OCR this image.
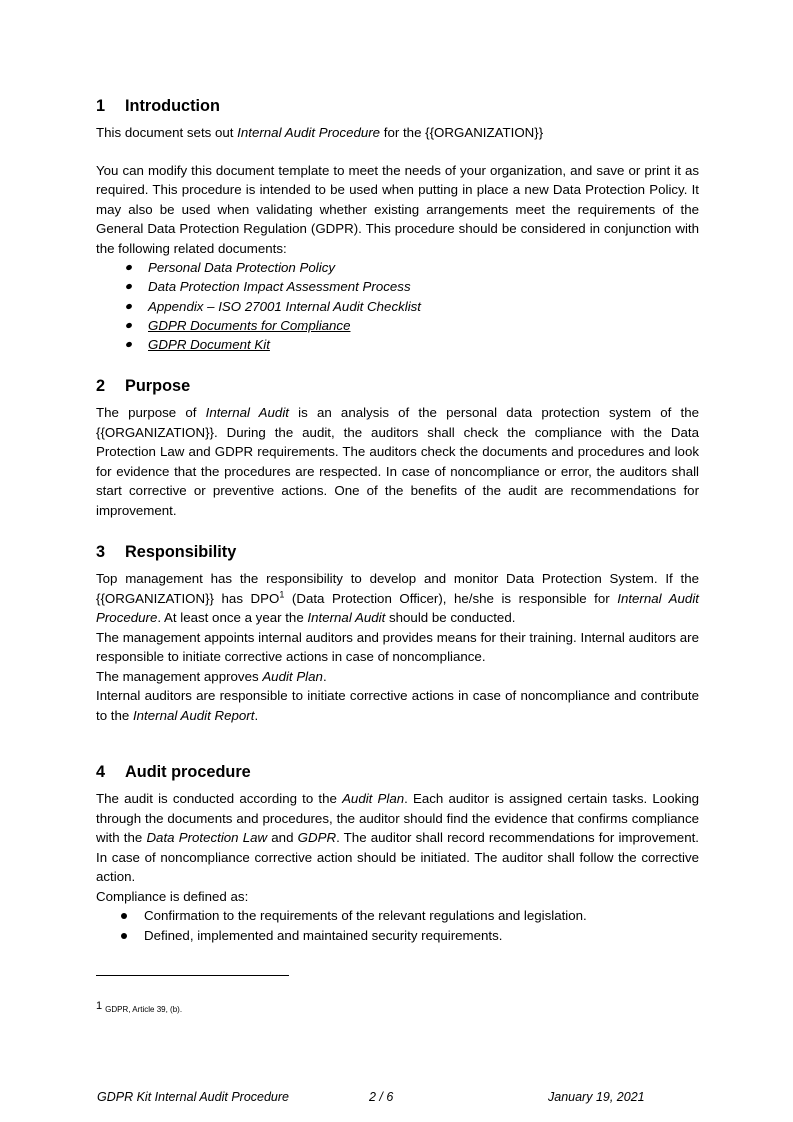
1	Introduction

This document sets out Internal Audit Procedure for the {{ORGANIZATION}}

You can modify this document template to meet the needs of your organization, and save or print it as required. This procedure is intended to be used when putting in place a new Data Protection Policy. It may also be used when validating whether existing arrangements meet the requirements of the General Data Protection Regulation (GDPR). This procedure should be considered in conjunction with the following related documents:

Personal Data Protection Policy
Data Protection Impact Assessment Process
Appendix – ISO 27001 Internal Audit Checklist
GDPR Documents for Compliance
GDPR Document Kit
2	Purpose

The purpose of Internal Audit is an analysis of the personal data protection system of the {{ORGANIZATION}}. During the audit, the auditors shall check the compliance with the Data Protection Law and GDPR requirements. The auditors check the documents and procedures and look for evidence that the procedures are respected. In case of noncompliance or error, the auditors shall start corrective or preventive actions. One of the benefits of the audit are recommendations for improvement.

3	Responsibility

Top management has the responsibility to develop and monitor Data Protection System. If the {{ORGANIZATION}} has DPO$^1$ (Data Protection Officer), he/she is responsible for Internal Audit Procedure. At least once a year the Internal Audit should be conducted.

The management appoints internal auditors and provides means for their training. Internal auditors are responsible to initiate corrective actions in case of noncompliance.

The management approves Audit Plan.

Internal auditors are responsible to initiate corrective actions in case of noncompliance and contribute to the Internal Audit Report.

4	Audit procedure

The audit is conducted according to the Audit Plan. Each auditor is assigned certain tasks. Looking through the documents and procedures, the auditor should find the evidence that confirms compliance with the Data Protection Law and GDPR. The auditor shall record recommendations for improvement. In case of noncompliance corrective action should be initiated. The auditor shall follow the corrective action.

Compliance is defined as:

Confirmation to the requirements of the relevant regulations and legislation.
Defined, implemented and maintained security requirements.
1 GDPR, Article 39, (b).
GDPR Kit Internal Audit Procedure	2 / 6	January 19, 2021
